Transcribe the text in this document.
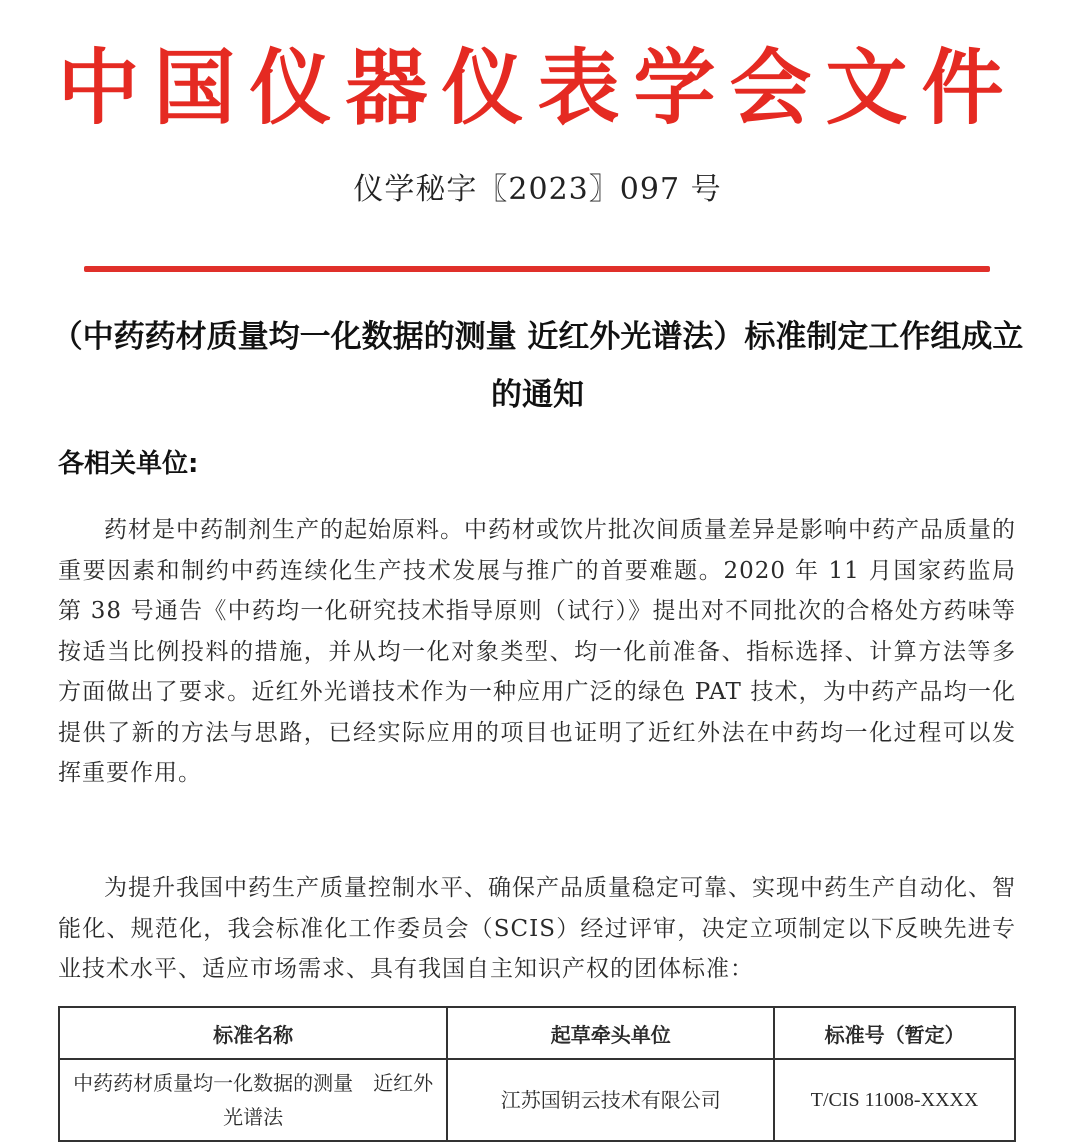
中国仪器仪表学会文件
仪学秘字〖2023〗097 号
（中药药材质量均一化数据的测量 近红外光谱法）标准制定工作组成立的通知
各相关单位:
药材是中药制剂生产的起始原料。中药材或饮片批次间质量差异是影响中药产品质量的重要因素和制约中药连续化生产技术发展与推广的首要难题。2020 年 11 月国家药监局第 38 号通告《中药均一化研究技术指导原则（试行）》提出对不同批次的合格处方药味等按适当比例投料的措施，并从均一化对象类型、均一化前准备、指标选择、计算方法等多方面做出了要求。近红外光谱技术作为一种应用广泛的绿色 PAT 技术，为中药产品均一化提供了新的方法与思路，已经实际应用的项目也证明了近红外法在中药均一化过程可以发挥重要作用。
为提升我国中药生产质量控制水平、确保产品质量稳定可靠、实现中药生产自动化、智能化、规范化，我会标准化工作委员会（SCIS）经过评审，决定立项制定以下反映先进专业技术水平、适应市场需求、具有我国自主知识产权的团体标准：
标准名称	起草牵头单位	标准号（暂定）
中药药材质量均一化数据的测量　近红外光谱法	江苏国钥云技术有限公司	T/CIS 11008-XXXX
